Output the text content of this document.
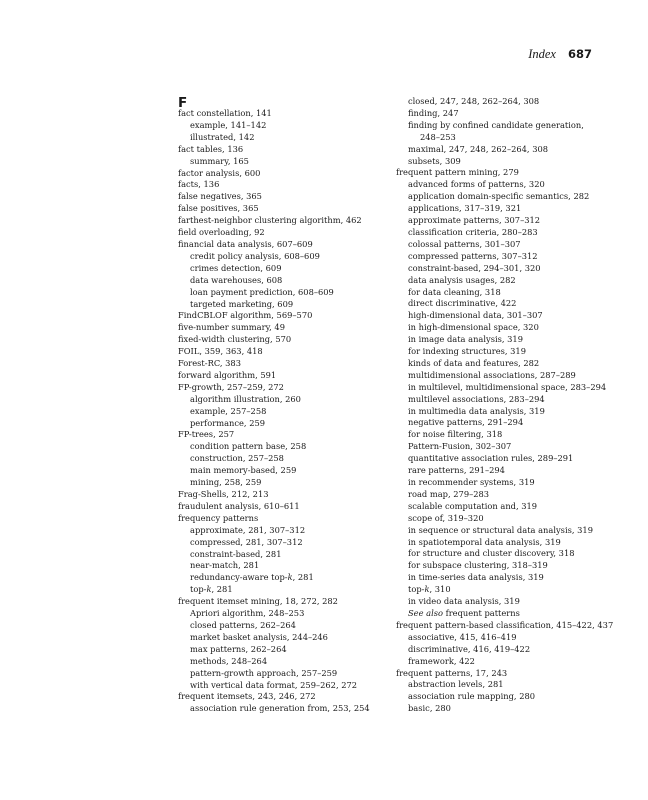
Index 687
F
fact constellation, 141
example, 141–142
illustrated, 142
fact tables, 136
summary, 165
factor analysis, 600
facts, 136
false negatives, 365
false positives, 365
farthest-neighbor clustering algorithm, 462
field overloading, 92
financial data analysis, 607–609
credit policy analysis, 608–609
crimes detection, 609
data warehouses, 608
loan payment prediction, 608–609
targeted marketing, 609
FindCBLOF algorithm, 569–570
five-number summary, 49
fixed-width clustering, 570
FOIL, 359, 363, 418
Forest-RC, 383
forward algorithm, 591
FP-growth, 257–259, 272
algorithm illustration, 260
example, 257–258
performance, 259
FP-trees, 257
condition pattern base, 258
construction, 257–258
main memory-based, 259
mining, 258, 259
Frag-Shells, 212, 213
fraudulent analysis, 610–611
frequency patterns
approximate, 281, 307–312
compressed, 281, 307–312
constraint-based, 281
near-match, 281
redundancy-aware top-k, 281
top-k, 281
frequent itemset mining, 18, 272, 282
Apriori algorithm, 248–253
closed patterns, 262–264
market basket analysis, 244–246
max patterns, 262–264
methods, 248–264
pattern-growth approach, 257–259
with vertical data format, 259–262, 272
frequent itemsets, 243, 246, 272
association rule generation from, 253, 254
closed, 247, 248, 262–264, 308
finding, 247
finding by confined candidate generation,
248–253
maximal, 247, 248, 262–264, 308
subsets, 309
frequent pattern mining, 279
advanced forms of patterns, 320
application domain-specific semantics, 282
applications, 317–319, 321
approximate patterns, 307–312
classification criteria, 280–283
colossal patterns, 301–307
compressed patterns, 307–312
constraint-based, 294–301, 320
data analysis usages, 282
for data cleaning, 318
direct discriminative, 422
high-dimensional data, 301–307
in high-dimensional space, 320
in image data analysis, 319
for indexing structures, 319
kinds of data and features, 282
multidimensional associations, 287–289
in multilevel, multidimensional space, 283–294
multilevel associations, 283–294
in multimedia data analysis, 319
negative patterns, 291–294
for noise filtering, 318
Pattern-Fusion, 302–307
quantitative association rules, 289–291
rare patterns, 291–294
in recommender systems, 319
road map, 279–283
scalable computation and, 319
scope of, 319–320
in sequence or structural data analysis, 319
in spatiotemporal data analysis, 319
for structure and cluster discovery, 318
for subspace clustering, 318–319
in time-series data analysis, 319
top-k, 310
in video data analysis, 319
See also frequent patterns
frequent pattern-based classification, 415–422, 437
associative, 415, 416–419
discriminative, 416, 419–422
framework, 422
frequent patterns, 17, 243
abstraction levels, 281
association rule mapping, 280
basic, 280
